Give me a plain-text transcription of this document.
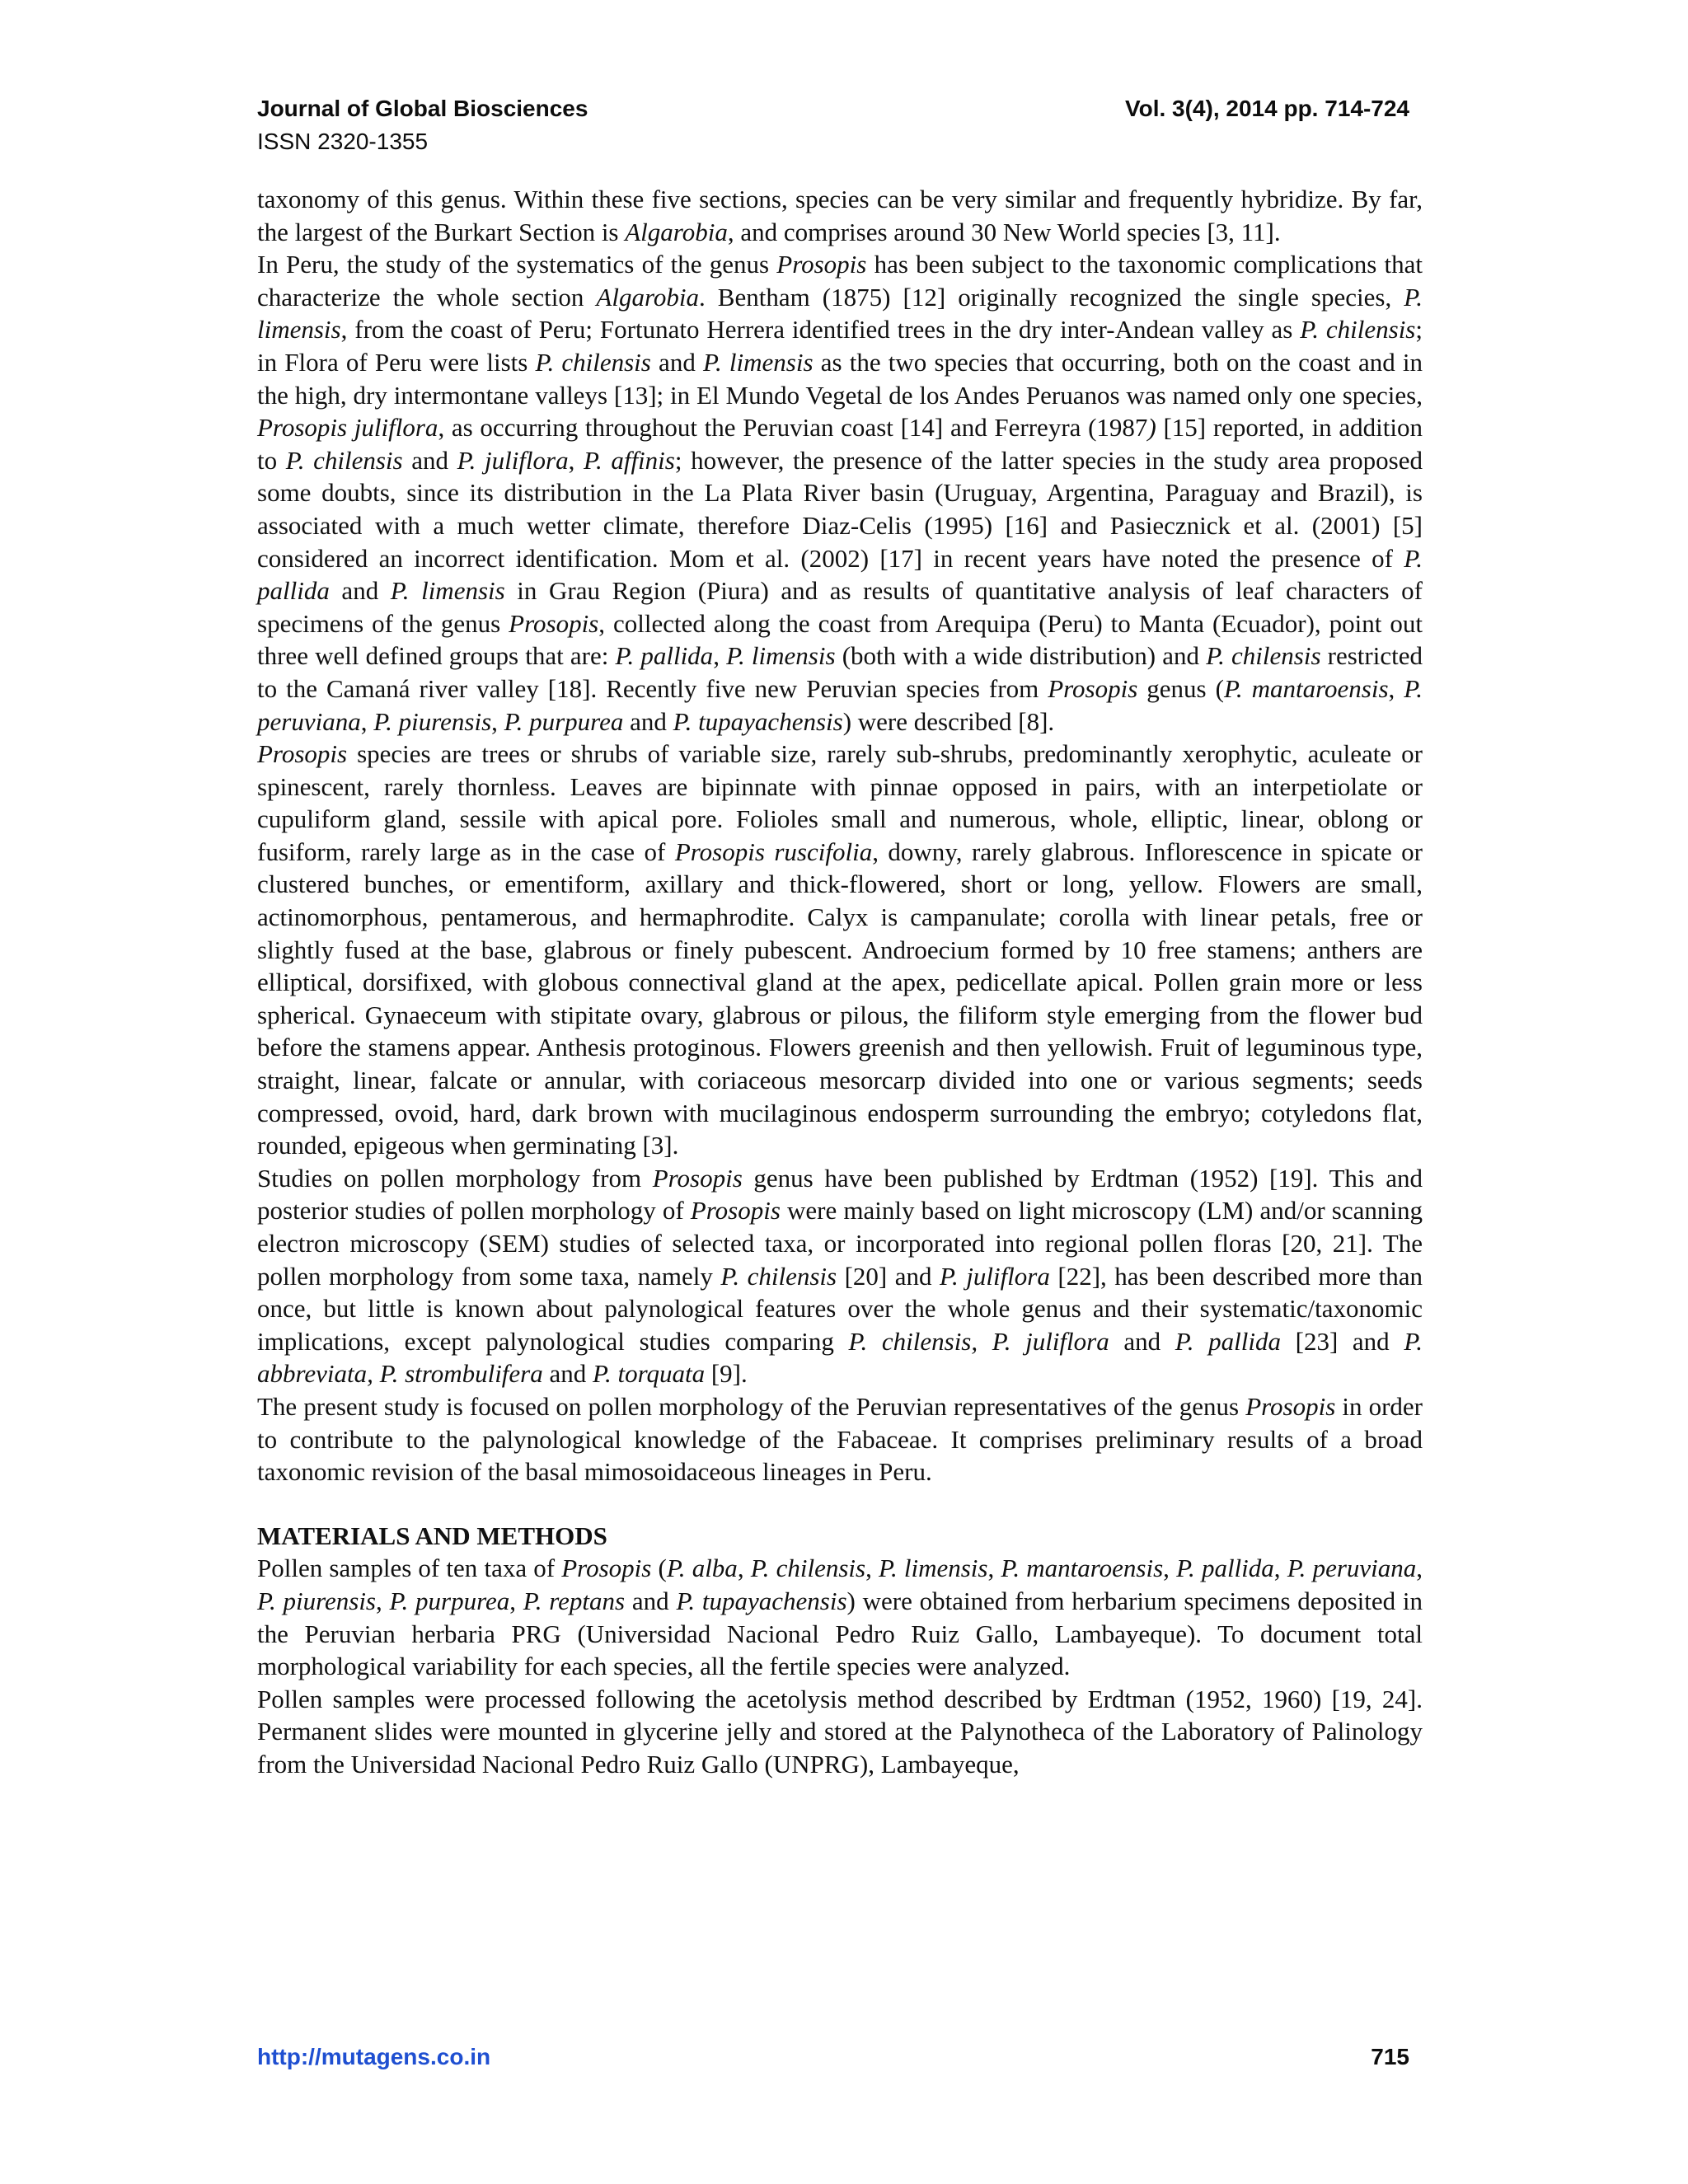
Journal of Global Biosciences
ISSN 2320-1355
Vol. 3(4), 2014 pp. 714-724

taxonomy of this genus. Within these five sections, species can be very similar and frequently hybridize. By far, the largest of the Burkart Section is Algarobia, and comprises around 30 New World species [3, 11].

In Peru, the study of the systematics of the genus Prosopis has been subject to the taxonomic complications that characterize the whole section Algarobia. Bentham (1875) [12] originally recognized the single species, P. limensis, from the coast of Peru; Fortunato Herrera identified trees in the dry inter-Andean valley as P. chilensis; in Flora of Peru were lists P. chilensis and P. limensis as the two species that occurring, both on the coast and in the high, dry intermontane valleys [13]; in El Mundo Vegetal de los Andes Peruanos was named only one species, Prosopis juliflora, as occurring throughout the Peruvian coast [14] and Ferreyra (1987) [15] reported, in addition to P. chilensis and P. juliflora, P. affinis; however, the presence of the latter species in the study area proposed some doubts, since its distribution in the La Plata River basin (Uruguay, Argentina, Paraguay and Brazil), is associated with a much wetter climate, therefore Diaz-Celis (1995) [16] and Pasiecznick et al. (2001) [5] considered an incorrect identification. Mom et al. (2002) [17] in recent years have noted the presence of P. pallida and P. limensis in Grau Region (Piura) and as results of quantitative analysis of leaf characters of specimens of the genus Prosopis, collected along the coast from Arequipa (Peru) to Manta (Ecuador), point out three well defined groups that are: P. pallida, P. limensis (both with a wide distribution) and P. chilensis restricted to the Camaná river valley [18]. Recently five new Peruvian species from Prosopis genus (P. mantaroensis, P. peruviana, P. piurensis, P. purpurea and P. tupayachensis) were described [8].

Prosopis species are trees or shrubs of variable size, rarely sub-shrubs, predominantly xerophytic, aculeate or spinescent, rarely thornless. Leaves are bipinnate with pinnae opposed in pairs, with an interpetiolate or cupuliform gland, sessile with apical pore. Folioles small and numerous, whole, elliptic, linear, oblong or fusiform, rarely large as in the case of Prosopis ruscifolia, downy, rarely glabrous. Inflorescence in spicate or clustered bunches, or ementiform, axillary and thick-flowered, short or long, yellow. Flowers are small, actinomorphous, pentamerous, and hermaphrodite. Calyx is campanulate; corolla with linear petals, free or slightly fused at the base, glabrous or finely pubescent. Androecium formed by 10 free stamens; anthers are elliptical, dorsifixed, with globous connectival gland at the apex, pedicellate apical. Pollen grain more or less spherical. Gynaeceum with stipitate ovary, glabrous or pilous, the filiform style emerging from the flower bud before the stamens appear. Anthesis protoginous. Flowers greenish and then yellowish. Fruit of leguminous type, straight, linear, falcate or annular, with coriaceous mesorcarp divided into one or various segments; seeds compressed, ovoid, hard, dark brown with mucilaginous endosperm surrounding the embryo; cotyledons flat, rounded, epigeous when germinating [3].

Studies on pollen morphology from Prosopis genus have been published by Erdtman (1952) [19]. This and posterior studies of pollen morphology of Prosopis were mainly based on light microscopy (LM) and/or scanning electron microscopy (SEM) studies of selected taxa, or incorporated into regional pollen floras [20, 21]. The pollen morphology from some taxa, namely P. chilensis [20] and P. juliflora [22], has been described more than once, but little is known about palynological features over the whole genus and their systematic/taxonomic implications, except palynological studies comparing P. chilensis, P. juliflora and P. pallida [23] and P. abbreviata, P. strombulifera and P. torquata [9].

The present study is focused on pollen morphology of the Peruvian representatives of the genus Prosopis in order to contribute to the palynological knowledge of the Fabaceae. It comprises preliminary results of a broad taxonomic revision of the basal mimosoidaceous lineages in Peru.

MATERIALS AND METHODS

Pollen samples of ten taxa of Prosopis (P. alba, P. chilensis, P. limensis, P. mantaroensis, P. pallida, P. peruviana, P. piurensis, P. purpurea, P. reptans and P. tupayachensis) were obtained from herbarium specimens deposited in the Peruvian herbaria PRG (Universidad Nacional Pedro Ruiz Gallo, Lambayeque). To document total morphological variability for each species, all the fertile species were analyzed.

Pollen samples were processed following the acetolysis method described by Erdtman (1952, 1960) [19, 24]. Permanent slides were mounted in glycerine jelly and stored at the Palynotheca of the Laboratory of Palinology from the Universidad Nacional Pedro Ruiz Gallo (UNPRG), Lambayeque,

http://mutagens.co.in	715
